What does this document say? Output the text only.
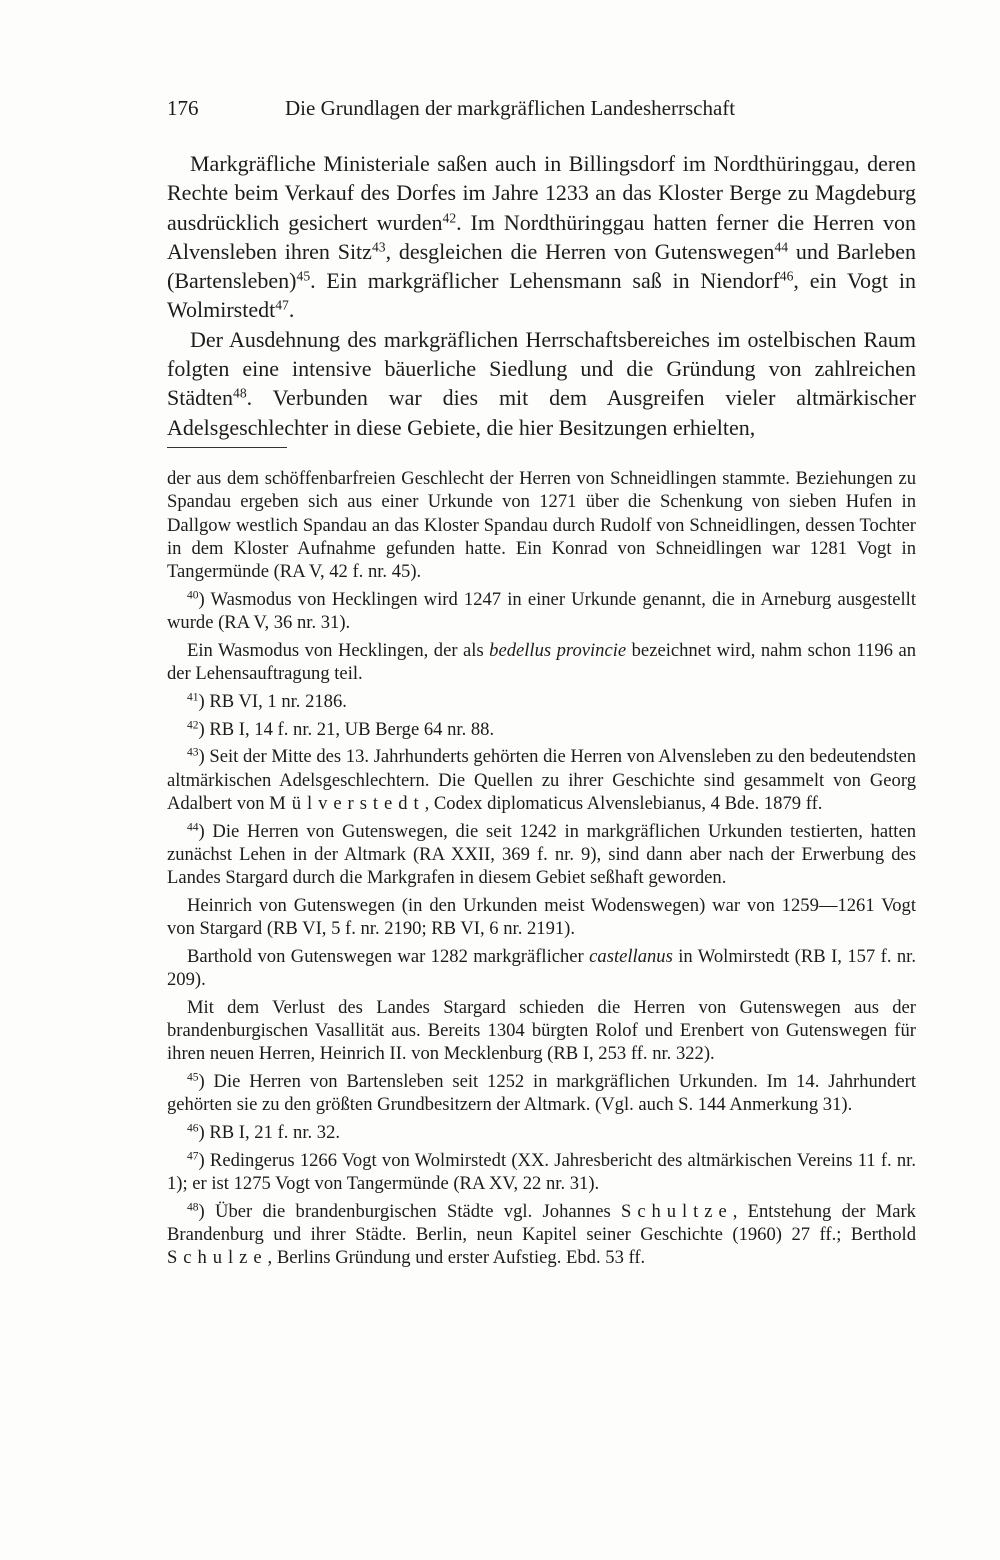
176	Die Grundlagen der markgräflichen Landesherrschaft

Markgräfliche Ministeriale saßen auch in Billingsdorf im Nordthüringgau, deren Rechte beim Verkauf des Dorfes im Jahre 1233 an das Kloster Berge zu Magdeburg ausdrücklich gesichert wurden$^{42}$. Im Nordthüringgau hatten ferner die Herren von Alvensleben ihren Sitz$^{43}$, desgleichen die Herren von Gutenswegen$^{44}$ und Barleben (Bartensleben)$^{45}$. Ein markgräflicher Lehensmann saß in Niendorf$^{46}$, ein Vogt in Wolmirstedt$^{47}$.

Der Ausdehnung des markgräflichen Herrschaftsbereiches im ostelbischen Raum folgten eine intensive bäuerliche Siedlung und die Gründung von zahlreichen Städten$^{48}$. Verbunden war dies mit dem Ausgreifen vieler altmärkischer Adelsgeschlechter in diese Gebiete, die hier Besitzungen erhielten,

der aus dem schöffenbarfreien Geschlecht der Herren von Schneidlingen stammte. Beziehungen zu Spandau ergeben sich aus einer Urkunde von 1271 über die Schenkung von sieben Hufen in Dallgow westlich Spandau an das Kloster Spandau durch Rudolf von Schneidlingen, dessen Tochter in dem Kloster Aufnahme gefunden hatte. Ein Konrad von Schneidlingen war 1281 Vogt in Tangermünde (RA V, 42 f. nr. 45).

$^{40}$) Wasmodus von Hecklingen wird 1247 in einer Urkunde genannt, die in Arneburg ausgestellt wurde (RA V, 36 nr. 31).

Ein Wasmodus von Hecklingen, der als bedellus provincie bezeichnet wird, nahm schon 1196 an der Lehensauftragung teil.

$^{41}$) RB VI, 1 nr. 2186.

$^{42}$) RB I, 14 f. nr. 21, UB Berge 64 nr. 88.

$^{43}$) Seit der Mitte des 13. Jahrhunderts gehörten die Herren von Alvensleben zu den bedeutendsten altmärkischen Adelsgeschlechtern. Die Quellen zu ihrer Geschichte sind gesammelt von Georg Adalbert von Mülverstedt, Codex diplomaticus Alvenslebianus, 4 Bde. 1879 ff.

$^{44}$) Die Herren von Gutenswegen, die seit 1242 in markgräflichen Urkunden testierten, hatten zunächst Lehen in der Altmark (RA XXII, 369 f. nr. 9), sind dann aber nach der Erwerbung des Landes Stargard durch die Markgrafen in diesem Gebiet seßhaft geworden.

Heinrich von Gutenswegen (in den Urkunden meist Wodenswegen) war von 1259—1261 Vogt von Stargard (RB VI, 5 f. nr. 2190; RB VI, 6 nr. 2191).

Barthold von Gutenswegen war 1282 markgräflicher castellanus in Wolmirstedt (RB I, 157 f. nr. 209).

Mit dem Verlust des Landes Stargard schieden die Herren von Gutenswegen aus der brandenburgischen Vasallität aus. Bereits 1304 bürgten Rolof und Erenbert von Gutenswegen für ihren neuen Herren, Heinrich II. von Mecklenburg (RB I, 253 ff. nr. 322).

$^{45}$) Die Herren von Bartensleben seit 1252 in markgräflichen Urkunden. Im 14. Jahrhundert gehörten sie zu den größten Grundbesitzern der Altmark. (Vgl. auch S. 144 Anmerkung 31).

$^{46}$) RB I, 21 f. nr. 32.

$^{47}$) Redingerus 1266 Vogt von Wolmirstedt (XX. Jahresbericht des altmärkischen Vereins 11 f. nr. 1); er ist 1275 Vogt von Tangermünde (RA XV, 22 nr. 31).

$^{48}$) Über die brandenburgischen Städte vgl. Johannes Schultze, Entstehung der Mark Brandenburg und ihrer Städte. Berlin, neun Kapitel seiner Geschichte (1960) 27 ff.; Berthold Schulze, Berlins Gründung und erster Aufstieg. Ebd. 53 ff.
